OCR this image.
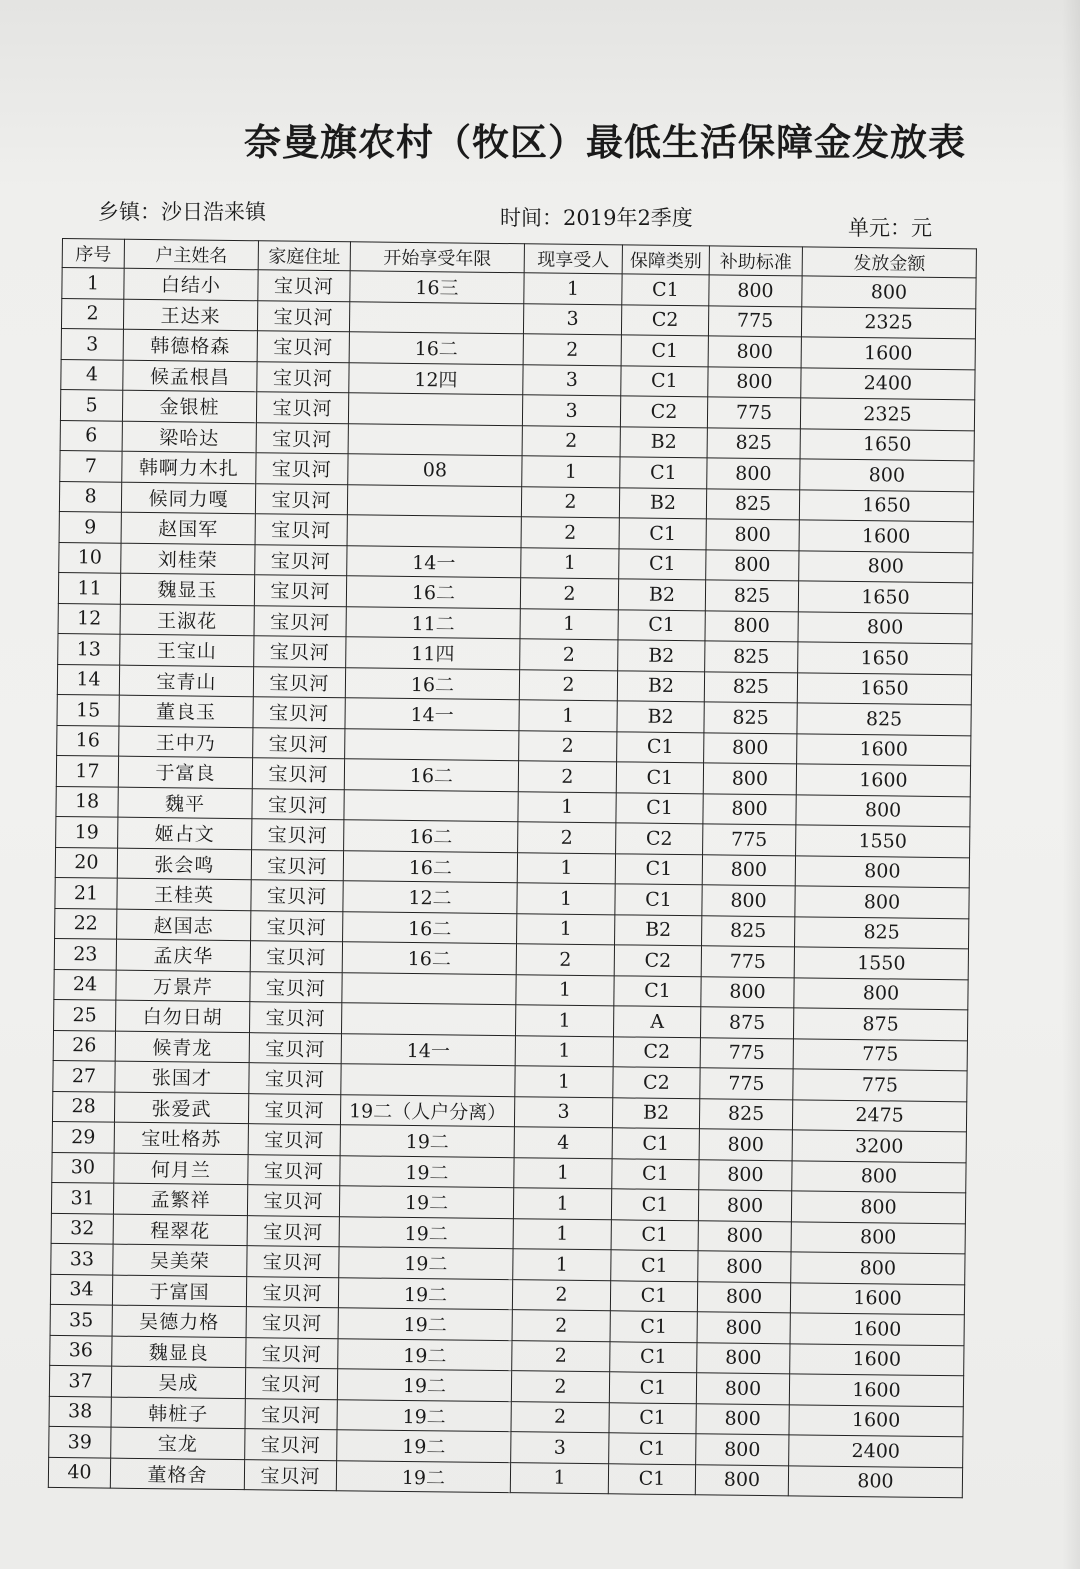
奈曼旗农村（牧区）最低生活保障金发放表
乡镇：沙日浩来镇	时间：2019年2季度	单元：元
序号	户主姓名	家庭住址	开始享受年限	现享受人	保障类别	补助标准	发放金额
1	白结小	宝贝河	16三	1	C1	800	800
2	王达来	宝贝河		3	C2	775	2325
3	韩德格森	宝贝河	16二	2	C1	800	1600
4	候孟根昌	宝贝河	12四	3	C1	800	2400
5	金银桩	宝贝河		3	C2	775	2325
6	梁哈达	宝贝河		2	B2	825	1650
7	韩啊力木扎	宝贝河	08	1	C1	800	800
8	候同力嘎	宝贝河		2	B2	825	1650
9	赵国军	宝贝河		2	C1	800	1600
10	刘桂荣	宝贝河	14一	1	C1	800	800
11	魏显玉	宝贝河	16二	2	B2	825	1650
12	王淑花	宝贝河	11二	1	C1	800	800
13	王宝山	宝贝河	11四	2	B2	825	1650
14	宝青山	宝贝河	16二	2	B2	825	1650
15	董良玉	宝贝河	14一	1	B2	825	825
16	王中乃	宝贝河		2	C1	800	1600
17	于富良	宝贝河	16二	2	C1	800	1600
18	魏平	宝贝河		1	C1	800	800
19	姬占文	宝贝河	16二	2	C2	775	1550
20	张会鸣	宝贝河	16二	1	C1	800	800
21	王桂英	宝贝河	12二	1	C1	800	800
22	赵国志	宝贝河	16二	1	B2	825	825
23	孟庆华	宝贝河	16二	2	C2	775	1550
24	万景芹	宝贝河		1	C1	800	800
25	白勿日胡	宝贝河		1	A	875	875
26	候青龙	宝贝河	14一	1	C2	775	775
27	张国才	宝贝河		1	C2	775	775
28	张爱武	宝贝河	19二（人户分离）	3	B2	825	2475
29	宝吐格苏	宝贝河	19二	4	C1	800	3200
30	何月兰	宝贝河	19二	1	C1	800	800
31	孟繁祥	宝贝河	19二	1	C1	800	800
32	程翠花	宝贝河	19二	1	C1	800	800
33	吴美荣	宝贝河	19二	1	C1	800	800
34	于富国	宝贝河	19二	2	C1	800	1600
35	吴德力格	宝贝河	19二	2	C1	800	1600
36	魏显良	宝贝河	19二	2	C1	800	1600
37	吴成	宝贝河	19二	2	C1	800	1600
38	韩桩子	宝贝河	19二	2	C1	800	1600
39	宝龙	宝贝河	19二	3	C1	800	2400
40	董格舍	宝贝河	19二	1	C1	800	800
